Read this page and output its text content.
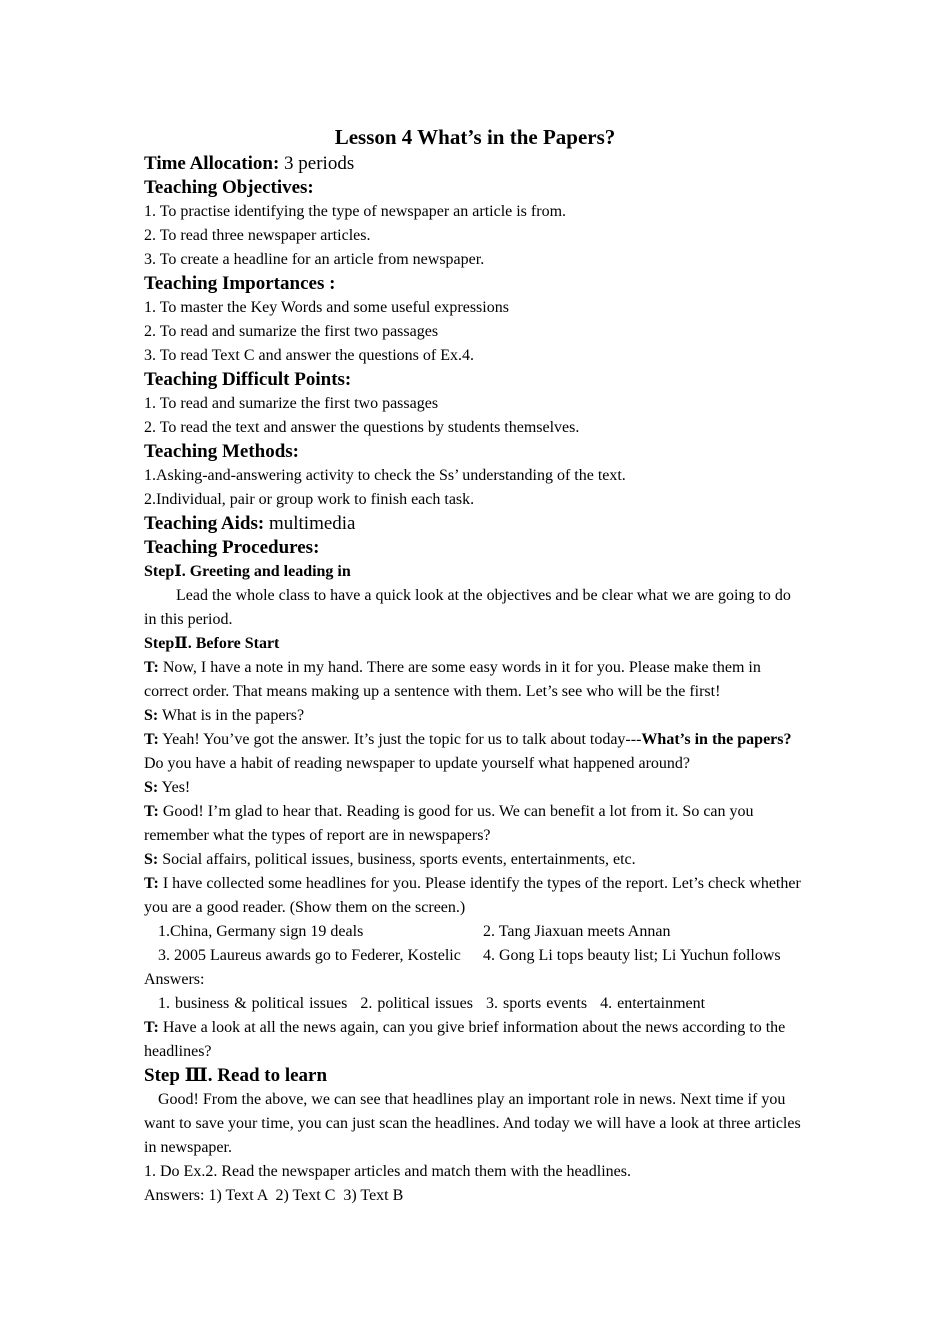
Lesson 4 What’s in the Papers?

Time Allocation: 3 periods

Teaching Objectives:

1. To practise identifying the type of newspaper an article is from.

2. To read three newspaper articles.

3. To create a headline for an article from newspaper.

Teaching Importances :

1. To master the Key Words and some useful expressions

2. To read and sumarize the first two passages

3. To read Text C and answer the questions of Ex.4.

Teaching Difficult Points:

1. To read and sumarize the first two passages

2. To read the text and answer the questions by students themselves.

Teaching Methods:

1.Asking-and-answering activity to check the Ss’ understanding of the text.

2.Individual, pair or group work to finish each task.

Teaching Aids: multimedia

Teaching Procedures:

StepⅠ. Greeting and leading in

Lead the whole class to have a quick look at the objectives and be clear what we are going to do in this period.

StepⅡ. Before Start

T: Now, I have a note in my hand. There are some easy words in it for you. Please make them in correct order. That means making up a sentence with them. Let’s see who will be the first!

S: What is in the papers?

T: Yeah! You’ve got the answer. It’s just the topic for us to talk about today---What’s in the papers? Do you have a habit of reading newspaper to update yourself what happened around?

S: Yes!

T: Good! I’m glad to hear that. Reading is good for us. We can benefit a lot from it. So can you remember what the types of report are in newspapers?

S: Social affairs, political issues, business, sports events, entertainments, etc.

T: I have collected some headlines for you. Please identify the types of the report. Let’s check whether you are a good reader. (Show them on the screen.)

1.China, Germany sign 19 deals	2. Tang Jiaxuan meets Annan
3. 2005 Laureus awards go to Federer, Kostelic	4. Gong Li tops beauty list; Li Yuchun follows

Answers:

1. business & political issues 2. political issues 3. sports events 4. entertainment

T: Have a look at all the news again, can you give brief information about the news according to the headlines?

Step Ⅲ. Read to learn

Good! From the above, we can see that headlines play an important role in news. Next time if you want to save your time, you can just scan the headlines. And today we will have a look at three articles in newspaper.

1. Do Ex.2. Read the newspaper articles and match them with the headlines.

Answers: 1) Text A  2) Text C  3) Text B
